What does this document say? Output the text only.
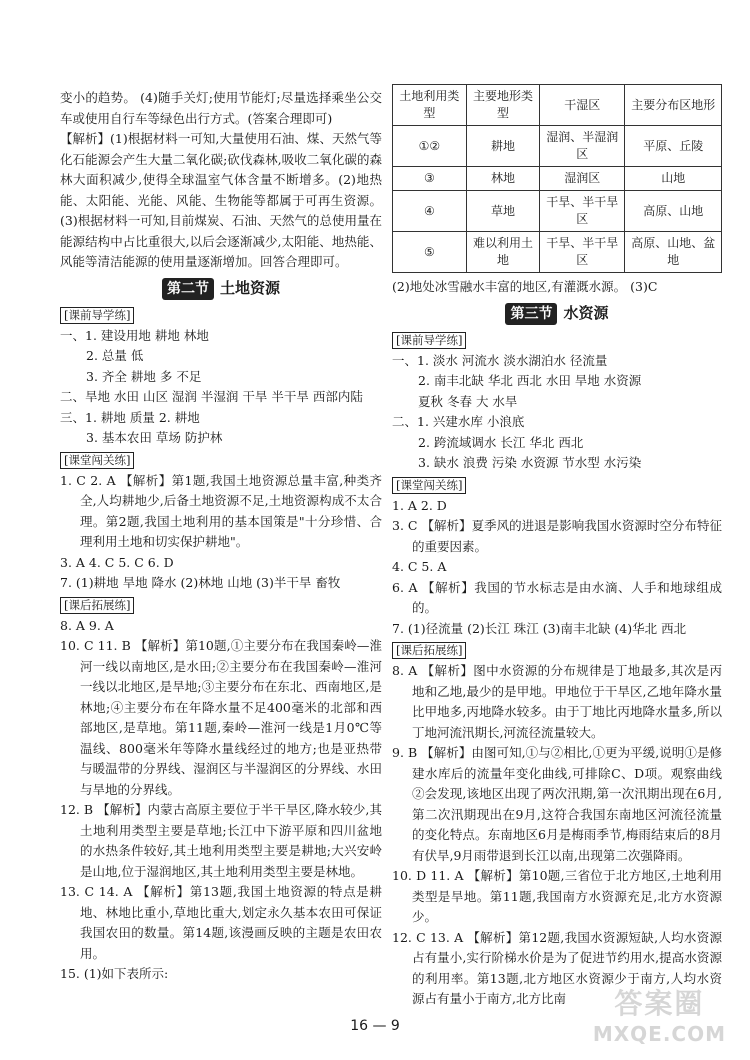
变小的趋势。 (4)随手关灯;使用节能灯;尽量选择乘坐公交车或使用自行车等绿色出行方式。(答案合理即可)

【解析】(1)根据材料一可知,大量使用石油、煤、天然气等化石能源会产生大量二氧化碳;砍伐森林,吸收二氧化碳的森林大面积减少,使得全球温室气体含量不断增多。(2)地热能、太阳能、光能、风能、生物能等都属于可再生资源。(3)根据材料一可知,目前煤炭、石油、天然气的总使用量在能源结构中占比重很大,以后会逐渐减少,太阳能、地热能、风能等清洁能源的使用量逐渐增加。回答合理即可。

第二节 土地资源
[课前导学练]

一、1. 建设用地 耕地 林地

2. 总量 低

3. 齐全 耕地 多 不足

二、旱地 水田 山区 湿润 半湿润 干旱 半干旱 西部内陆

三、1. 耕地 质量 2. 耕地

3. 基本农田 草场 防护林

[课堂闯关练]

1. C 2. A 【解析】第1题,我国土地资源总量丰富,种类齐全,人均耕地少,后备土地资源不足,土地资源构成不太合理。第2题,我国土地利用的基本国策是"十分珍惜、合理利用土地和切实保护耕地"。

3. A 4. C 5. C 6. D

7. (1)耕地 旱地 降水 (2)林地 山地 (3)半干旱 畜牧

[课后拓展练]

8. A 9. A

10. C 11. B 【解析】第10题,①主要分布在我国秦岭—淮河一线以南地区,是水田;②主要分布在我国秦岭—淮河一线以北地区,是旱地;③主要分布在东北、西南地区,是林地;④主要分布在年降水量不足400毫米的北部和西部地区,是草地。第11题,秦岭—淮河一线是1月0℃等温线、800毫米年等降水量线经过的地方;也是亚热带与暖温带的分界线、湿润区与半湿润区的分界线、水田与旱地的分界线。

12. B 【解析】内蒙古高原主要位于半干旱区,降水较少,其土地利用类型主要是草地;长江中下游平原和四川盆地的水热条件较好,其土地利用类型主要是耕地;大兴安岭是山地,位于湿润地区,其土地利用类型主要是林地。

13. C 14. A 【解析】第13题,我国土地资源的特点是耕地、林地比重小,草地比重大,划定永久基本农田可保证我国农田的数量。第14题,该漫画反映的主题是农田农用。

15. (1)如下表所示:

土地利用类型	主要地形类型	干湿区	主要分布区地形
①②	耕地	湿润、半湿润区	平原、丘陵
③	林地	湿润区	山地
④	草地	干旱、半干旱区	高原、山地
⑤	难以利用土地	干旱、半干旱区	高原、山地、盆地

(2)地处冰雪融水丰富的地区,有灌溉水源。 (3)C

第三节 水资源
[课前导学练]

一、1. 淡水 河流水 淡水湖泊水 径流量

2. 南丰北缺 华北 西北 水田 旱地 水资源

夏秋 冬春 大 水旱

二、1. 兴建水库 小浪底

2. 跨流域调水 长江 华北 西北

3. 缺水 浪费 污染 水资源 节水型 水污染

[课堂闯关练]

1. A 2. D

3. C 【解析】夏季风的进退是影响我国水资源时空分布特征的重要因素。

4. C 5. A

6. A 【解析】我国的节水标志是由水滴、人手和地球组成的。

7. (1)径流量 (2)长江 珠江 (3)南丰北缺 (4)华北 西北

[课后拓展练]

8. A 【解析】图中水资源的分布规律是丁地最多,其次是丙地和乙地,最少的是甲地。甲地位于干旱区,乙地年降水量比甲地多,丙地降水较多。由于丁地比丙地降水量多,所以丁地河流汛期长,河流径流量较大。

9. B 【解析】由图可知,①与②相比,①更为平缓,说明①是修建水库后的流量年变化曲线,可排除C、D项。观察曲线②会发现,该地区出现了两次汛期,第一次汛期出现在6月,第二次汛期现出在9月,这符合我国东南地区河流径流量的变化特点。东南地区6月是梅雨季节,梅雨结束后的8月有伏旱,9月雨带退到长江以南,出现第二次强降雨。

10. D 11. A 【解析】第10题,三省位于北方地区,土地利用类型是旱地。第11题,我国南方水资源充足,北方水资源少。

12. C 13. A 【解析】第12题,我国水资源短缺,人均水资源占有量小,实行阶梯水价是为了促进节约用水,提高水资源的利用率。第13题,北方地区水资源少于南方,人均水资源占有量小于南方,北方比南

16 — 9
答案圈
MXQE.COM
